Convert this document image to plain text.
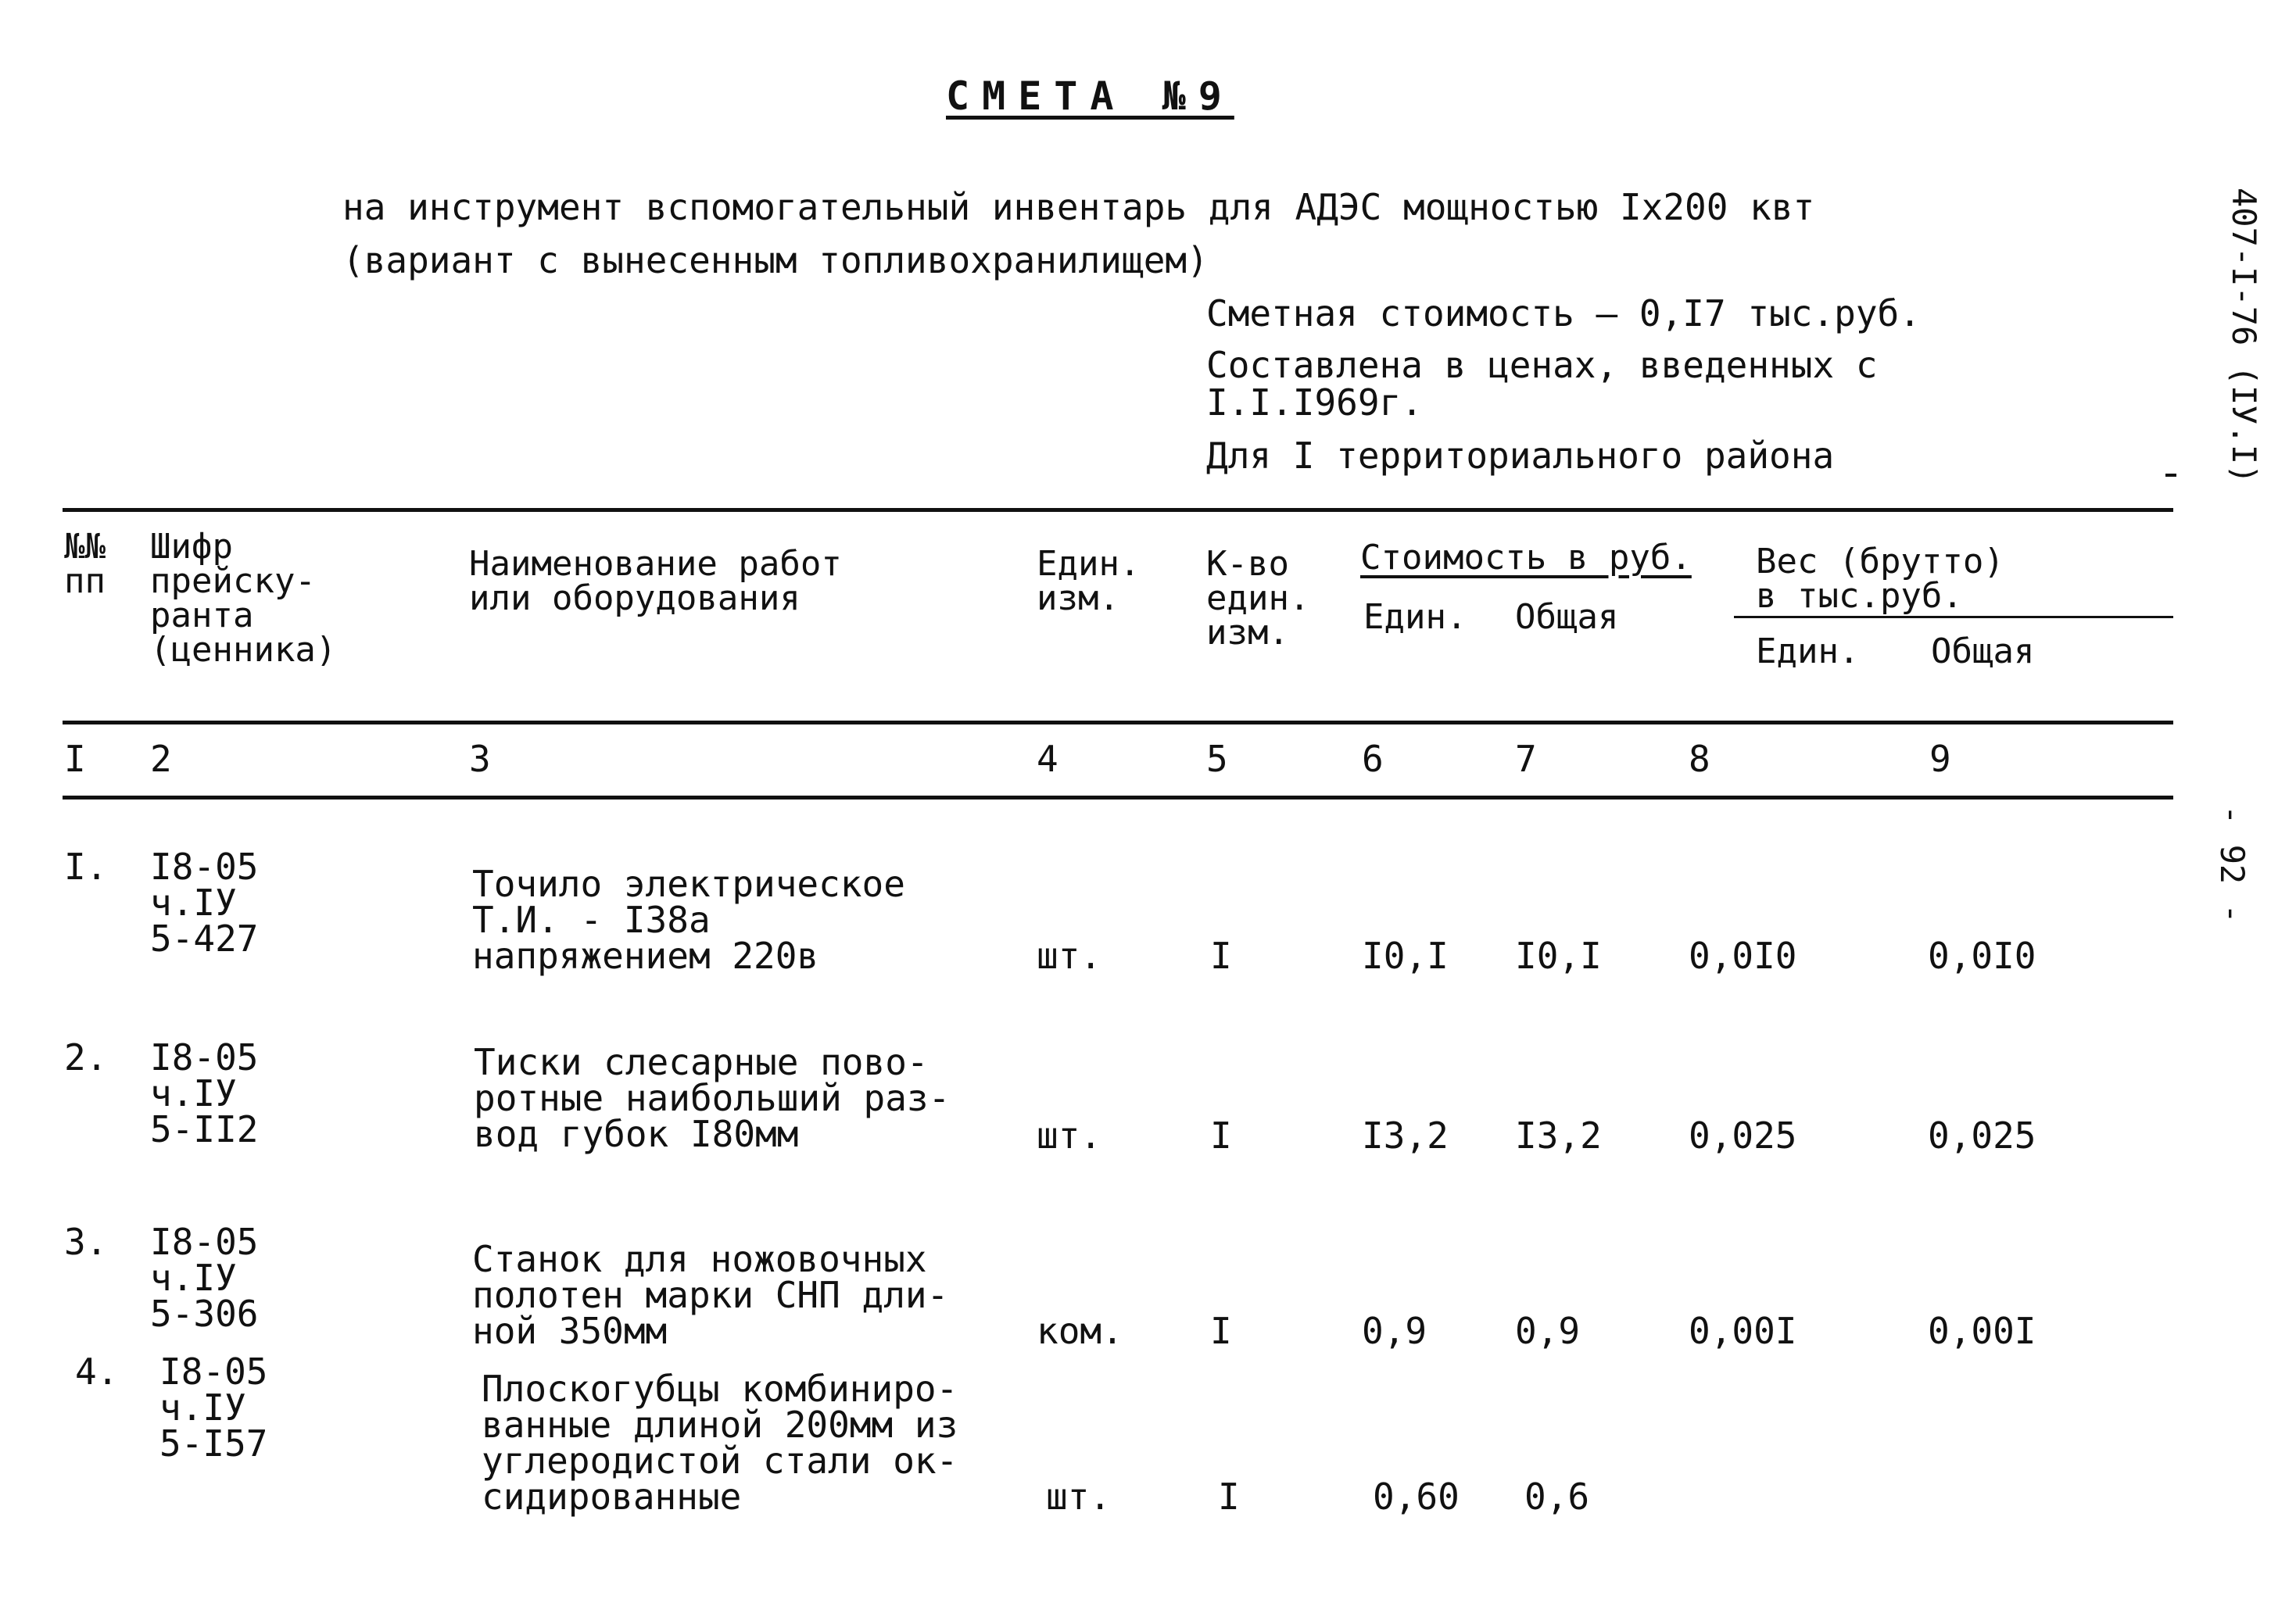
СМЕТА №9
на инструмент вспомогательный инвентарь для АДЭС мощностью Iх200 квт
(вариант с вынесенным топливохранилищем)
Сметная стоимость – 0,I7 тыс.руб.
Составлена в ценах, введенных с
I.I.I969г.
Для I территориального района	407-I-76 (IУ.I)
- 92 -
№№
пп
Шифр
прейску-
ранта
(ценника)
Наименование работ
или оборудования
Един.
изм.
К-во
един.
изм.
Стоимость в руб.
Един. Общая
Вес (брутто)
в тыс.руб.
Един. Общая
I 2	3	4	5	6	7	8	9
I. I8-05
ч.IУ
5-427
Точило электрическое
Т.И. - I38а
напряжением 220в	шт.	I	I0,I I0,I 0,0I0	0,0I0
2. I8-05
ч.IУ
5-II2
Тиски слесарные пово-
ротные наибольший раз-
вод губок I80мм	шт.	I	I3,2 I3,2 0,025	0,025
3. I8-05
ч.IУ
5-306
Станок для ножовочных
полотен марки СНП дли-
ной 350мм	ком. I	0,9 0,9	0,00I	0,00I
4. I8-05
ч.IУ
5-I57
Плоскогубцы комбиниро-
ванные длиной 200мм из
углеродистой стали ок-
сидированные	шт.	I	0,60 0,6
